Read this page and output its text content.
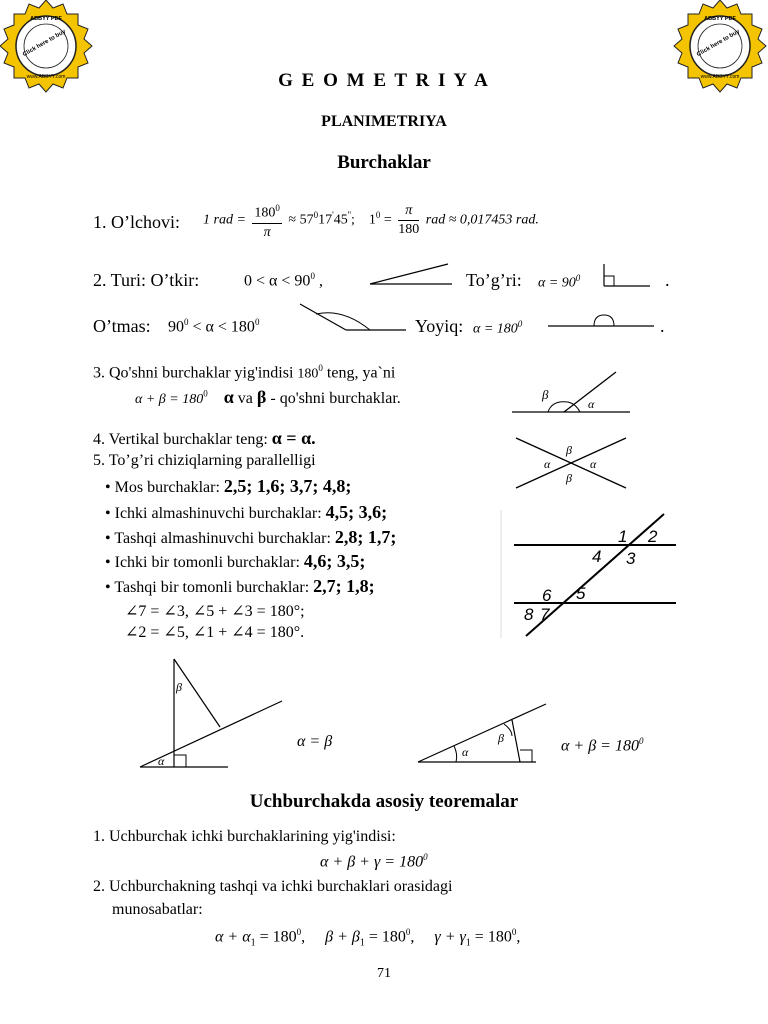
Click here to buy
ABBYY PDF
www.ABBYY.com
Click here to buy
ABBYY PDF
www.ABBYY.com
G E O M E T R I Y A
PLANIMETRIYA
Burchaklar
1. O’lchovi: 1 rad = $\frac{180^0}{\pi} \approx 57^017'45''$; $1^0 = \frac{\pi}{180}$ rad ≈ 0,017453 rad.
2. Turi: O’tkir:	$0 < \alpha < 90^0$ ,	To’g’ri: $\alpha = 90^0$	.
O’tmas: $90^0 < \alpha < 180^0$	Yoyiq: $\alpha = 180^0$	.
3. Qo'shni burchaklar yig'indisi $180^0$ teng, ya`ni
$\alpha + \beta = 180^0$ α va β - qo'shni burchaklar.	β
α
4. Vertikal burchaklar teng: α = α.
β
β
α	α
5. To’g’ri chiziqlarning parallelligi
• Mos burchaklar: 2,5; 1,6; 3,7; 4,8;
• Ichki almashinuvchi burchaklar: 4,5; 3,6;
• Tashqi almashinuvchi burchaklar: 2,8; 1,7;
• Ichki bir tomonli burchaklar: 4,6; 3,5;
• Tashqi bir tomonli burchaklar: 2,7; 1,8;
∠7 = ∠3, ∠5 + ∠3 = 180°;
∠2 = ∠5, ∠1 + ∠4 = 180°.
1 2
3
4
5
6
7
8
β
α
α = β
α
β	$\alpha + \beta = 180^0$
Uchburchakda asosiy teoremalar
1. Uchburchak ichki burchaklarining yig'indisi:
$\alpha + \beta + \gamma = 180^0$
2. Uchburchakning tashqi va ichki burchaklari orasidagi
munosabatlar:
$\alpha + \alpha_1 = 180^0$, $\beta + \beta_1 = 180^0$, $\gamma + \gamma_1 = 180^0$,
71
